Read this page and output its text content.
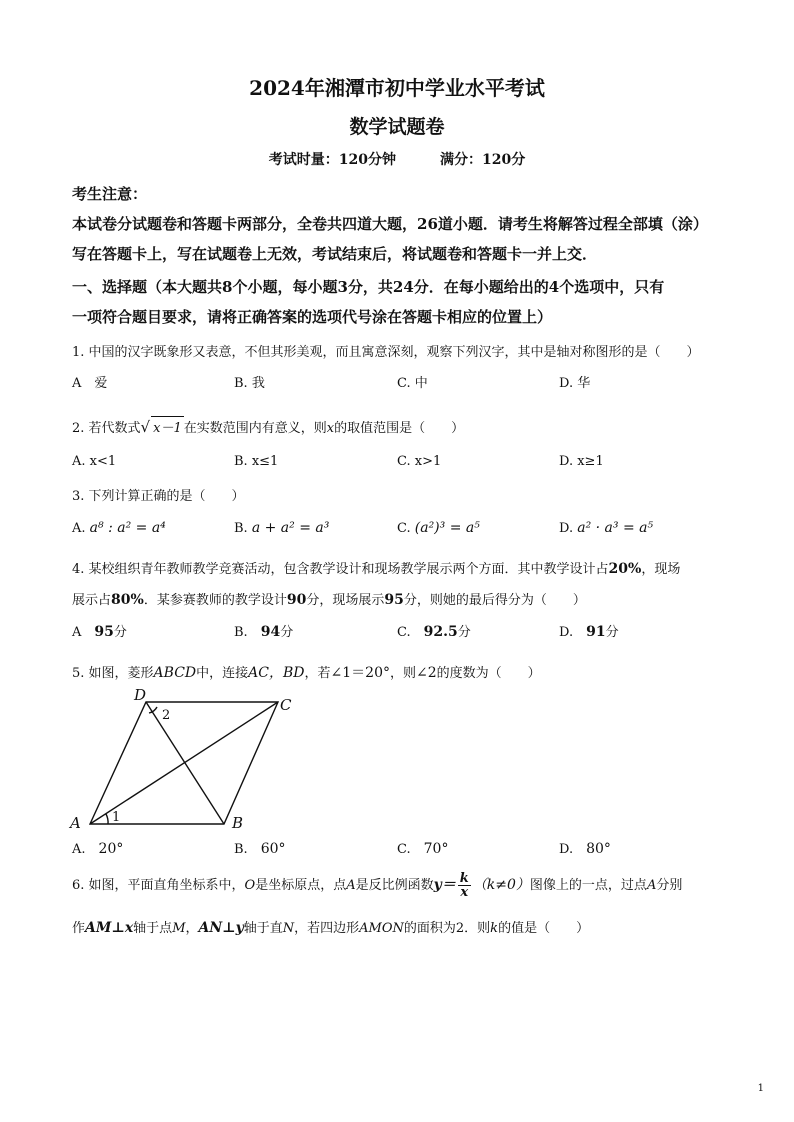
2024年湘潭市初中学业水平考试
数学试题卷
考试时量：120分钟	满分：120分
考生注意：
本试卷分试题卷和答题卡两部分，全卷共四道大题，26道小题．请考生将解答过程全部填（涂）
写在答题卡上，写在试题卷上无效，考试结束后，将试题卷和答题卡一并上交．
一、选择题（本大题共8个小题，每小题3分，共24分．在每小题给出的4个选项中，只有
一项符合题目要求，请将正确答案的选项代号涂在答题卡相应的位置上）
1. 中国的汉字既象形又表意，不但其形美观，而且寓意深刻，观察下列汉字，其中是轴对称图形的是（　　）
A　爱	B. 我	C. 中	D. 华
2. 若代数式√ x－1 在实数范围内有意义，则x的取值范围是（　　）
A. x<1	B. x≤1	C. x>1	D. x≥1
3. 下列计算正确的是（　　）
A. a⁸ : a² = a⁴	B. a + a² = a³	C. (a²)³ = a⁵	D. a² · a³ = a⁵
4. 某校组织青年教师教学竞赛活动，包含教学设计和现场教学展示两个方面．其中教学设计占20%，现场
展示占80%．某参赛教师的教学设计90分，现场展示95分，则她的最后得分为（　　）
A　 95分	B.　 94分	C.　 92.5分	D.　 91分
5. 如图，菱形ABCD中，连接AC，BD，若∠1＝20°，则∠2的度数为（　　）
A	B
C
D
1
2
A.　 20°	B.　 60°	C.　 70°	D.　 80°
6. 如图，平面直角坐标系中，O是坐标原点，点A是反比例函数$y= \frac{k}{x} (k\ne 0)$图像上的一点，过点A分别
作AM⊥x轴于点M，AN⊥y轴于直N，若四边形AMON的面积为2．则k的值是（　　）
1
